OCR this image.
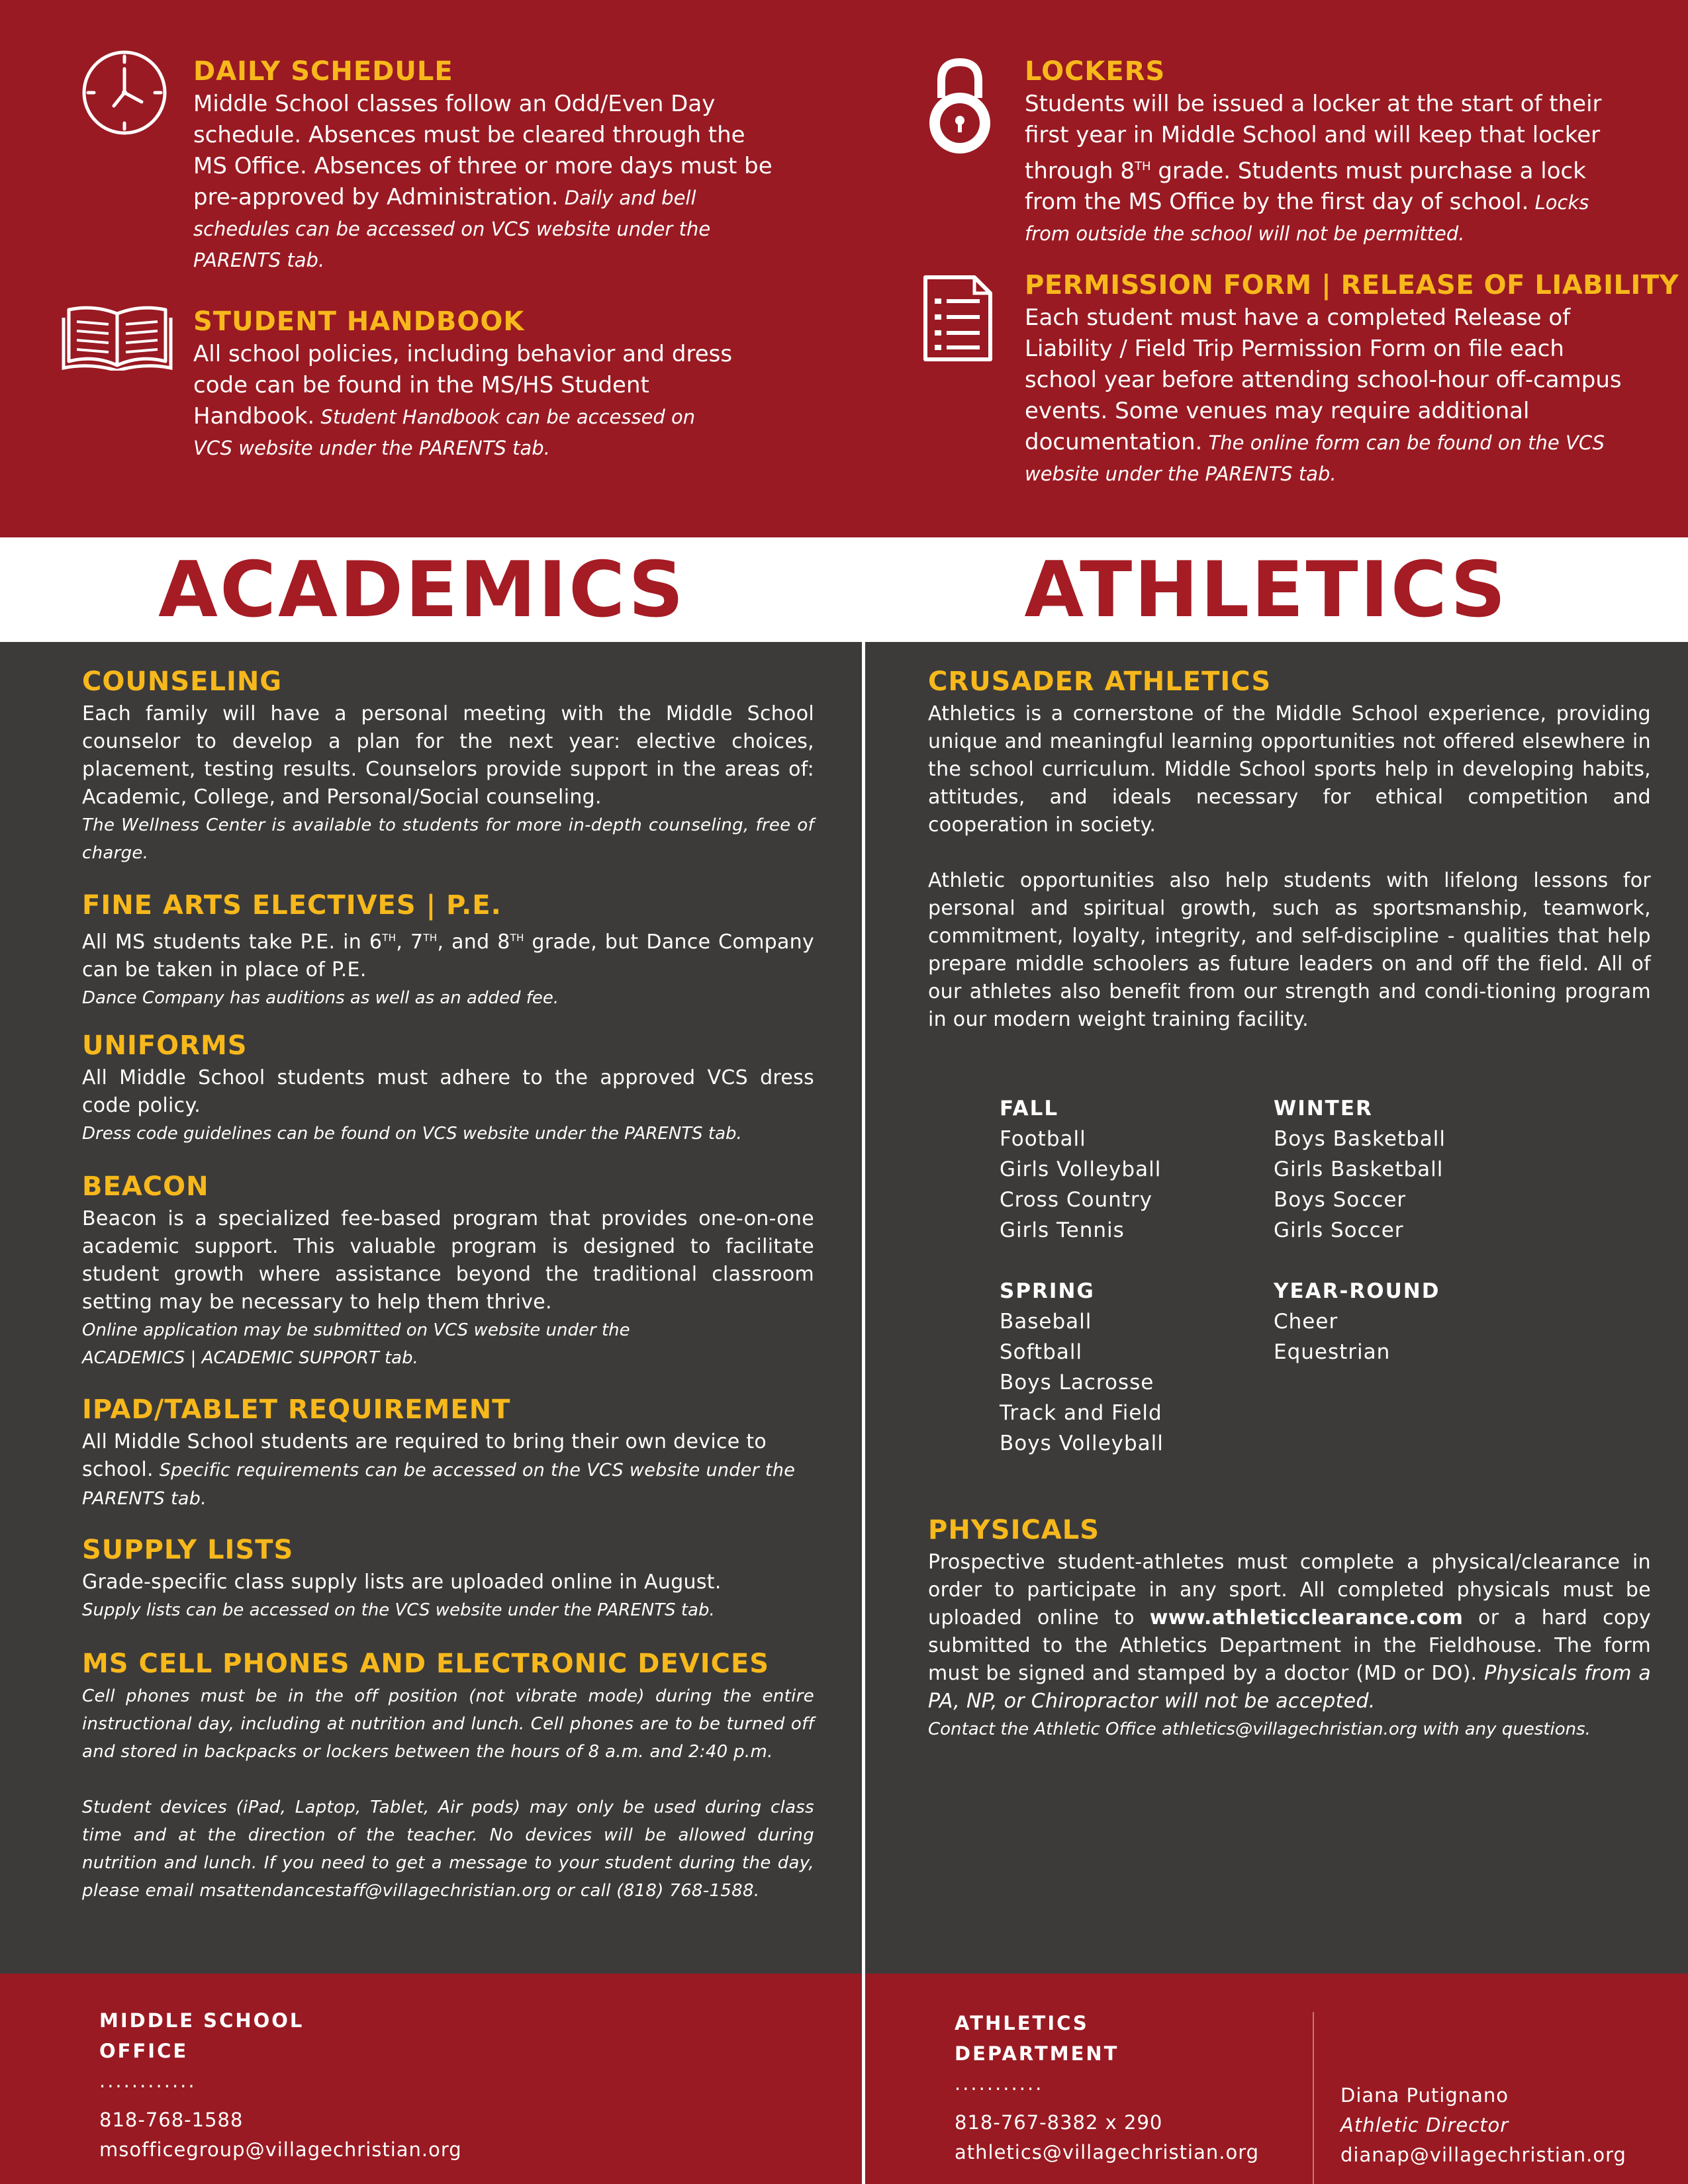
DAILY SCHEDULE
Middle School classes follow an Odd/Even Day
schedule. Absences must be cleared through the
MS Office. Absences of three or more days must be
pre-approved by Administration. Daily and bell
schedules can be accessed on VCS website under the
PARENTS tab.
STUDENT HANDBOOK
All school policies, including behavior and dress
code can be found in the MS/HS Student
Handbook. Student Handbook can be accessed on
VCS website under the PARENTS tab.
LOCKERS
Students will be issued a locker at the start of their
first year in Middle School and will keep that locker
through 8TH grade. Students must purchase a lock
from the MS Office by the first day of school. Locks
from outside the school will not be permitted.
PERMISSION FORM | RELEASE OF LIABILITY
Each student must have a completed Release of
Liability / Field Trip Permission Form on file each
school year before attending school-hour off-campus
events. Some venues may require additional
documentation. The online form can be found on the VCS
website under the PARENTS tab.
ACADEMICS	ATHLETICS
COUNSELING
Each family will have a personal meeting with the Middle School counselor to develop a plan for the next year: elective choices, placement, testing results. Counselors provide support in the areas of: Academic, College, and Personal/Social counseling.
The Wellness Center is available to students for more in-depth counseling, free of charge.
FINE ARTS ELECTIVES | P.E.
All MS students take P.E. in 6TH, 7TH, and 8TH grade, but Dance Company can be taken in place of P.E.
Dance Company has auditions as well as an added fee.
UNIFORMS
All Middle School students must adhere to the approved VCS dress code policy.
Dress code guidelines can be found on VCS website under the PARENTS tab.
BEACON
Beacon is a specialized fee-based program that provides one-on-one academic support. This valuable program is designed to facilitate student growth where assistance beyond the traditional classroom setting may be necessary to help them thrive.
Online application may be submitted on VCS website under the ACADEMICS | ACADEMIC SUPPORT tab.
IPAD/TABLET REQUIREMENT
All Middle School students are required to bring their own device to school. Specific requirements can be accessed on the VCS website under the PARENTS tab.
SUPPLY LISTS
Grade-specific class supply lists are uploaded online in August.
Supply lists can be accessed on the VCS website under the PARENTS tab.
MS CELL PHONES AND ELECTRONIC DEVICES
Cell phones must be in the off position (not vibrate mode) during the entire instructional day, including at nutrition and lunch. Cell phones are to be turned off and stored in backpacks or lockers between the hours of 8 a.m. and 2:40 p.m.
Student devices (iPad, Laptop, Tablet, Air pods) may only be used during class time and at the direction of the teacher. No devices will be allowed during nutrition and lunch. If you need to get a message to your student during the day, please email msattendancestaff@villagechristian.org or call (818) 768-1588.
CRUSADER ATHLETICS
Athletics is a cornerstone of the Middle School experience, providing unique and meaningful learning opportunities not offered elsewhere in the school curriculum. Middle School sports help in developing habits, attitudes, and ideals necessary for ethical competition and cooperation in society.
Athletic opportunities also help students with lifelong lessons for personal and spiritual growth, such as sportsmanship, teamwork, commitment, loyalty, integrity, and self-discipline - qualities that help prepare middle schoolers as future leaders on and off the field. All of our athletes also benefit from our strength and condi-tioning program in our modern weight training facility.
FALL
Football
Girls Volleyball
Cross Country
Girls Tennis
WINTER
Boys Basketball
Girls Basketball
Boys Soccer
Girls Soccer
SPRING
Baseball
Softball
Boys Lacrosse
Track and Field
Boys Volleyball
YEAR-ROUND
Cheer
Equestrian
PHYSICALS
Prospective student-athletes must complete a physical/clearance in order to participate in any sport. All completed physicals must be uploaded online to www.athleticclearance.com or a hard copy submitted to the Athletics Department in the Fieldhouse. The form must be signed and stamped by a doctor (MD or DO). Physicals from a PA, NP, or Chiropractor will not be accepted.
Contact the Athletic Office athletics@villagechristian.org with any questions.
MIDDLE SCHOOL
OFFICE
............
818-768-1588
msofficegroup@villagechristian.org
ATHLETICS
DEPARTMENT
...........
818-767-8382 x 290
athletics@villagechristian.org
Diana Putignano
Athletic Director
dianap@villagechristian.org
